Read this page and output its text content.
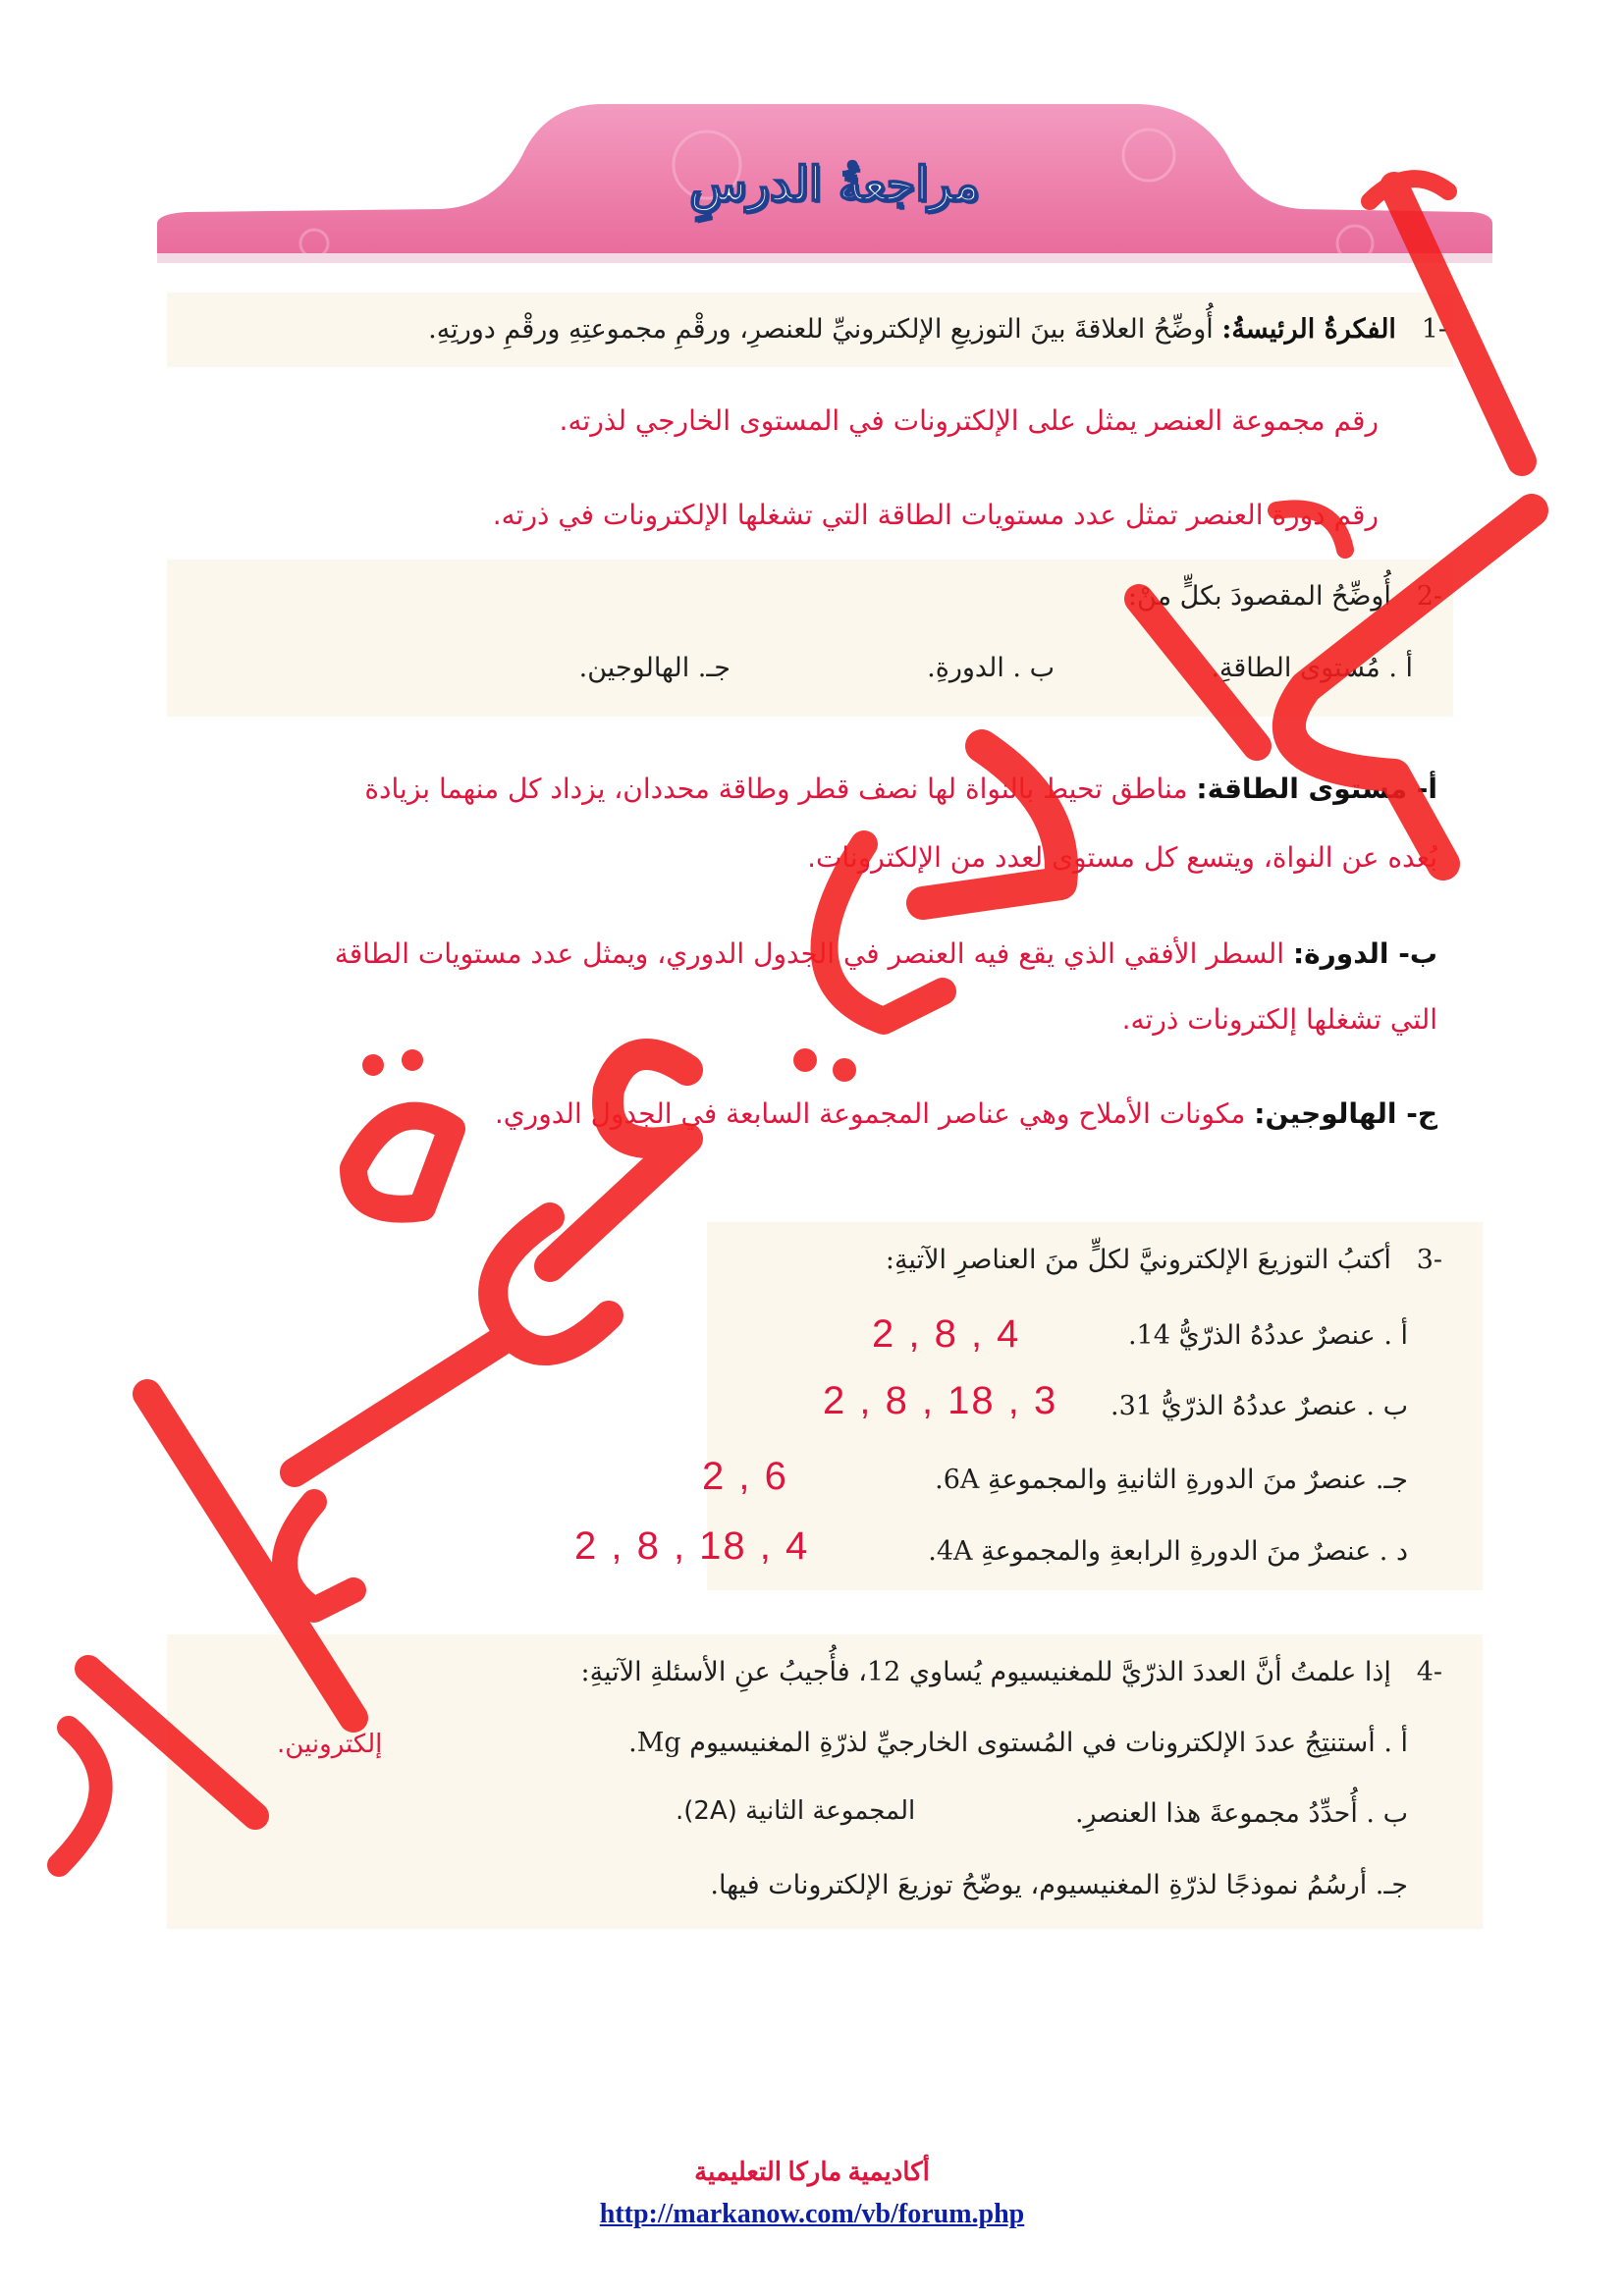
مراجعةُ الدرسِ
-1   الفكرةُ الرئيسةُ: أُوضِّحُ العلاقةَ بينَ التوزيعِ الإلكترونيِّ للعنصرِ، ورقْمِ مجموعتِهِ ورقْمِ دورتِهِ.
رقم مجموعة العنصر يمثل على الإلكترونات في المستوى الخارجي لذرته.
رقم دورة العنصر تمثل عدد مستويات الطاقة التي تشغلها الإلكترونات في ذرته.
-2   أُوضِّحُ المقصودَ بكلٍّ منْ:
أ . مُستوى الطاقةِ.
ب . الدورةِ.
جـ. الهالوجين.
أ- مستوى الطاقة: مناطق تحيط بالنواة لها نصف قطر وطاقة محددان، يزداد كل منهما بزيادة
بُعده عن النواة، ويتسع كل مستوى لعدد من الإلكترونات.
ب- الدورة: السطر الأفقي الذي يقع فيه العنصر في الجدول الدوري، ويمثل عدد مستويات الطاقة
التي تشغلها إلكترونات ذرته.
ج- الهالوجين: مكونات الأملاح وهي عناصر المجموعة السابعة في الجدول الدوري.
-3   أكتبُ التوزيعَ الإلكترونيَّ لكلٍّ منَ العناصرِ الآتيةِ:
أ . عنصرٌ عددُهُ الذرّيُّ 14.
2 , 8 , 4
ب . عنصرٌ عددُهُ الذرّيُّ 31.
2 , 8 , 18 , 3
جـ. عنصرٌ منَ الدورةِ الثانيةِ والمجموعةِ 6A.
2 , 6
د . عنصرٌ منَ الدورةِ الرابعةِ والمجموعةِ 4A.
2 , 8 , 18 , 4
-4   إذا علمتُ أنَّ العددَ الذرّيَّ للمغنيسيوم يُساوي 12، فأُجيبُ عنِ الأسئلةِ الآتيةِ:
أ . أستنتِجُ عددَ الإلكترونات في المُستوى الخارجيِّ لذرّةِ المغنيسيوم Mg.
إلكترونين.
ب . أُحدِّدُ مجموعةَ هذا العنصرِ.
المجموعة الثانية (2A).
جـ. أرسُمُ نموذجًا لذرّةِ المغنيسيوم، يوضّحُ توزيعَ الإلكترونات فيها.
أكاديمية ماركا التعليمية
http://markanow.com/vb/forum.php
